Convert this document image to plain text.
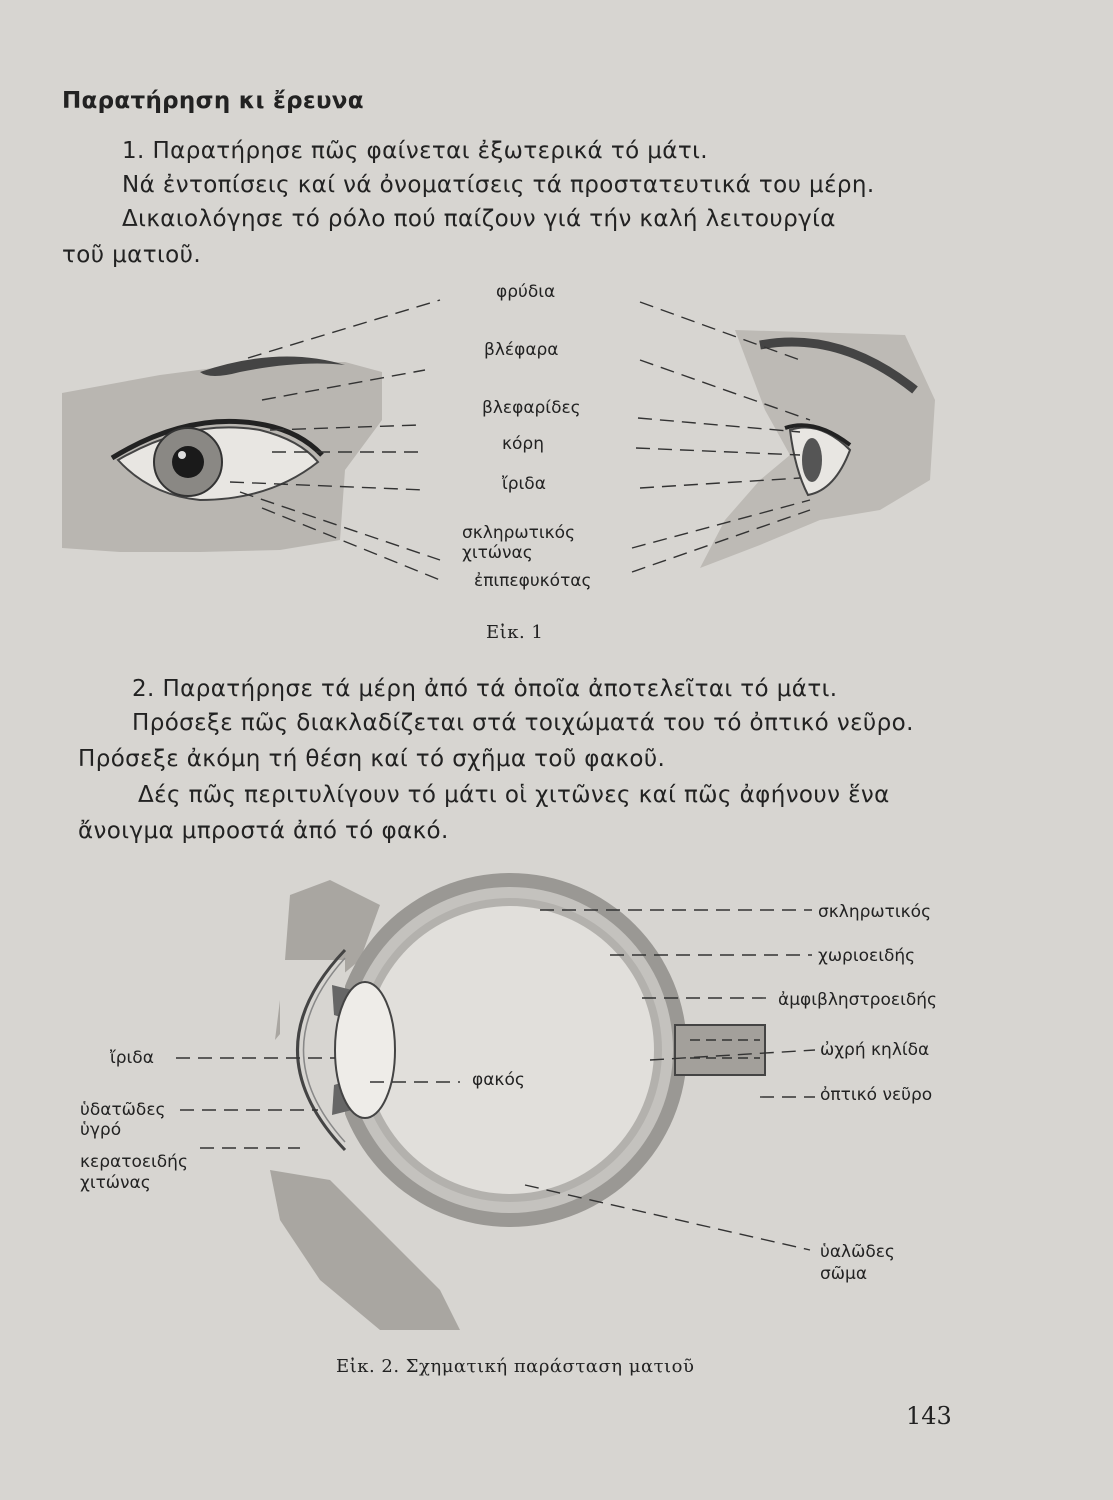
Παρατήρηση κι ἔρευνα
1. Παρατήρησε πῶς φαίνεται ἐξωτερικά τό μάτι.
Νά ἐντοπίσεις καί νά ὀνοματίσεις τά προστατευτικά του μέρη.
Δικαιολόγησε τό ρόλο πού παίζουν γιά τήν καλή λειτουργία
τοῦ ματιοῦ.
φρύδια
βλέφαρα
βλεφαρίδες
κόρη
ἴριδα
σκληρωτικός
χιτώνας
ἐπιπεφυκότας
Εἰκ. 1
2. Παρατήρησε τά μέρη ἀπό τά ὁποῖα ἀποτελεῖται τό μάτι.
Πρόσεξε πῶς διακλαδίζεται στά τοιχώματά του τό ὀπτικό νεῦρο.
Πρόσεξε ἀκόμη τή θέση καί τό σχῆμα τοῦ φακοῦ.
Δές πῶς περιτυλίγουν τό μάτι οἱ χιτῶνες καί πῶς ἀφήνουν ἕνα
ἄνοιγμα μπροστά ἀπό τό φακό.
σκληρωτικός
χωριοειδής
ἀμφιβληστροειδής
ὠχρή κηλίδα
ὀπτικό νεῦρο
ὑαλῶδες
σῶμα
φακός
ἴριδα
ὑδατῶδες
ὑγρό
κερατοειδής
χιτώνας
Εἰκ. 2. Σχηματική παράσταση ματιοῦ
143
